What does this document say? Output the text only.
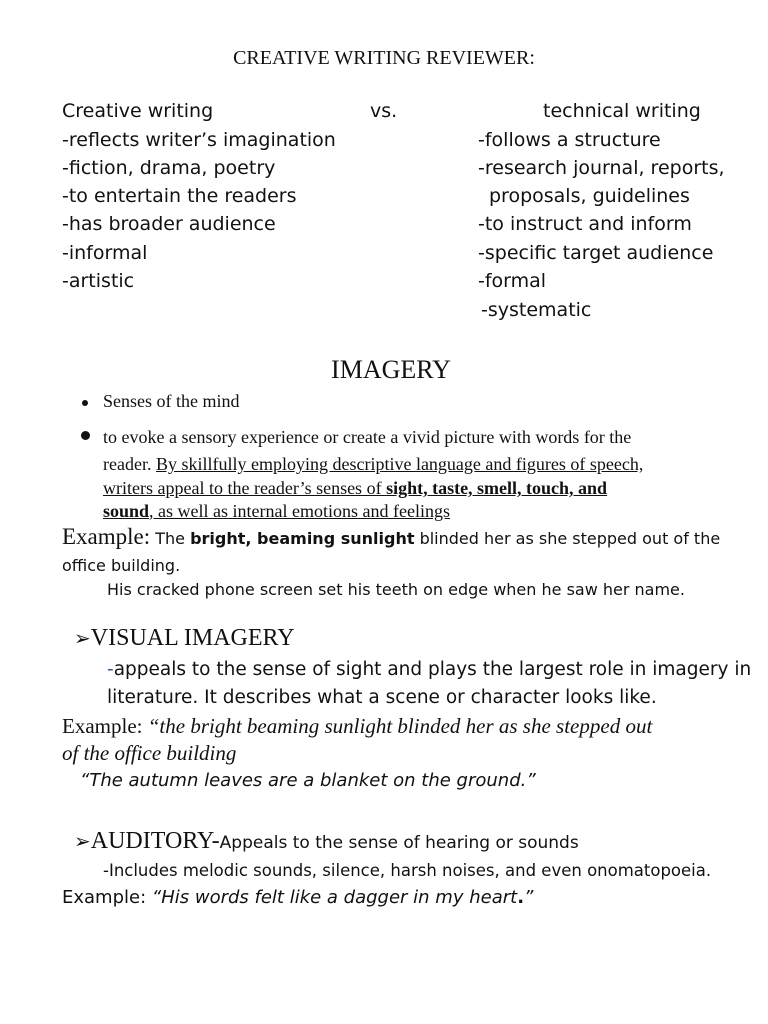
CREATIVE WRITING REVIEWER:
Creative writing	vs.	technical writing
-reflects writer’s imagination
-fiction, drama, poetry
-to entertain the readers
-has broader audience
-informal
-artistic
-follows a structure
-research journal, reports,
proposals, guidelines
-to instruct and inform
-specific target audience
-formal
-systematic
IMAGERY
Senses of the mind
to evoke a sensory experience or create a vivid picture with words for the
reader. By skillfully employing descriptive language and figures of speech,
writers appeal to the reader’s senses of sight, taste, smell, touch, and
sound, as well as internal emotions and feelings
Example: The bright, beaming sunlight blinded her as she stepped out of the
office building.
His cracked phone screen set his teeth on edge when he saw her name.
➢VISUAL IMAGERY
-appeals to the sense of sight and plays the largest role in imagery in
literature. It describes what a scene or character looks like.
Example: “the bright beaming sunlight blinded her as she stepped out
of the office building
“The autumn leaves are a blanket on the ground.”
➢AUDITORY-Appeals to the sense of hearing or sounds
-Includes melodic sounds, silence, harsh noises, and even onomatopoeia.
Example: “His words felt like a dagger in my heart.”
